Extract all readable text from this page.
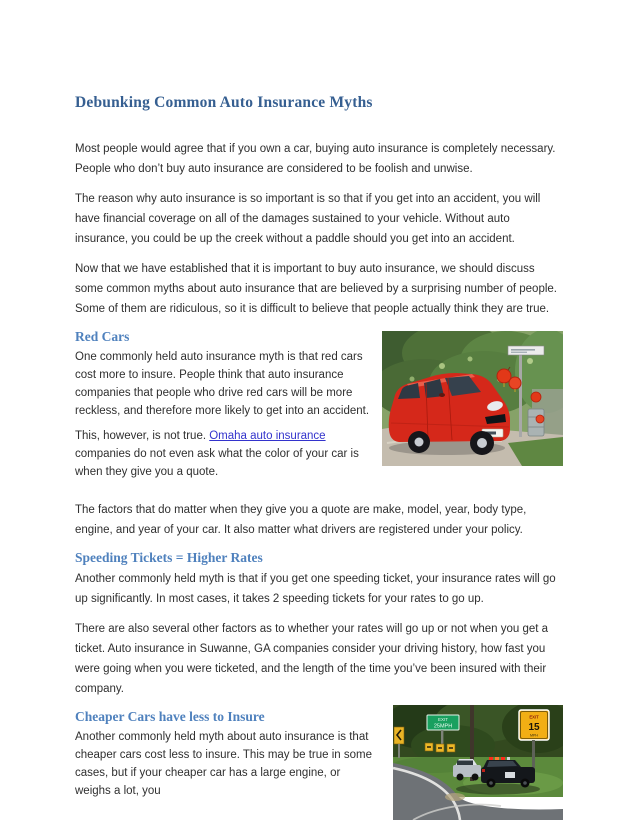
Debunking Common Auto Insurance Myths

Most people would agree that if you own a car, buying auto insurance is completely necessary. People who don’t buy auto insurance are considered to be foolish and unwise.

The reason why auto insurance is so important is so that if you get into an accident, you will have financial coverage on all of the damages sustained to your vehicle. Without auto insurance, you could be up the creek without a paddle should you get into an accident.

Now that we have established that it is important to buy auto insurance, we should discuss some common myths about auto insurance that are believed by a surprising number of people. Some of them are ridiculous, so it is difficult to believe that people actually think they are true.

Red Cars

One commonly held auto insurance myth is that red cars cost more to insure. People think that auto insurance companies that people who drive red cars will be more reckless, and therefore more likely to get into an accident.

This, however, is not true. Omaha auto insurance companies do not even ask what the color of your car is when they give you a quote.

The factors that do matter when they give you a quote are make, model, year, body type, engine, and year of your car. It also matter what drivers are registered under your policy.

Speeding Tickets = Higher Rates

Another commonly held myth is that if you get one speeding ticket, your insurance rates will go up significantly. In most cases, it takes 2 speeding tickets for your rates to go up.

There are also several other factors as to whether your rates will go up or not when you get a ticket. Auto insurance in Suwanne, GA companies consider your driving history, how fast you were going when you were ticketed, and the length of the time you’ve been insured with their company.

EXIT
25MPH
EXIT
15
MPH
Cheaper Cars have less to Insure

Another commonly held myth about auto insurance is that cheaper cars cost less to insure. This may be true in some cases, but if your cheaper car has a large engine, or weighs a lot, you
